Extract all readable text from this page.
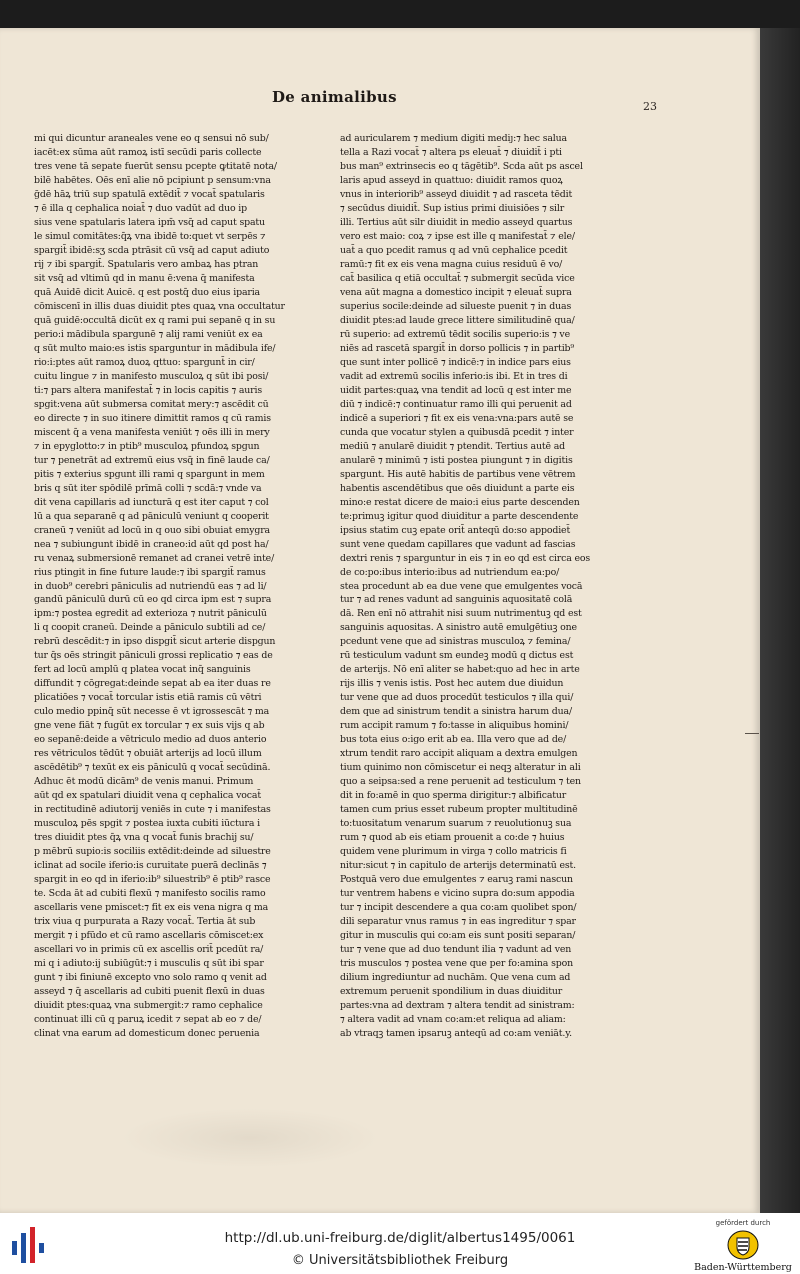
De animalibus
23
mi qui dicuntur araneales vene eo q sensui nō sub/
iacēt:ex sūma aūt ramoꝝ istī secūdi paris collecte
tres vene tā sepate fuerūt sensu pcepte ꝙtitatē nota/
bilē habētes. Oēs enī alie nō pcipiunt p sensum:vna
ḡdē hāꝝ triū sup spatulā extēdit̄ ⁊ vocat̄ spatularis
⁊ ē illa q cephalica noiat̄ ⁊ duo vadūt ad duo ip
sius vene spatularis latera ipm̄ vsq̄ ad caput spatu
le simul comitātes:q̄ꝝ vna ibidē to:quet vt serpēs ⁊
spargit̄ ibidē:sʒ scda ptrāsit cū vsq̄ ad caput adiuto
rij ⁊ ibi spargit̄. Spatularis vero ambaꝝ has ptran
sit vsq̄ ad vltimū qd in manu ē:vena q̄ manifesta
quā Auidē dicit Auicē. q est postq̄ duo eius iparia
cōmiscenī in illis duas diuidit ptes quaꝝ vna occultatur
quā guidē:occultā dicūt ex q rami pui sepanē q in su
perio:i mādibula spargunē ⁊ alij rami veniūt ex ea
q sūt multo maio:es istis sparguntur in mādibula ife/
rio:i:ptes aūt ramoꝝ duoꝝ qttuo: spargunt̄ in cir/
cuitu lingue ⁊ in manifesto musculoꝝ q sūt ibi posi/
ti:⁊ pars altera manifestat̄ ⁊ in locis capitis ⁊ auris
spgit:vena aūt submersa comitat mery:⁊ ascēdit cū
eo directe ⁊ in suo itinere dimittit ramos q cū ramis
miscent q̄ a vena manifesta veniūt ⁊ oēs illi in mery
⁊ in epyglotto:⁊ in ptib⁹ musculoꝝ pfundoꝝ spgun
tur ⁊ penetrāt ad extremū eius vsq̄ in finē laude ca/
pitis ⁊ exterius spgunt illi rami q spargunt in mem
bris q sūt iter spōdilē prīmā colli ⁊ scdā:⁊ vnde va
dit vena capillaris ad iuncturā q est iter caput ⁊ col
lū a qua separanē q ad pāniculū veniunt q cooperit
craneū ⁊ veniūt ad locū in q ouo sibi obuiat emygra
nea ⁊ subiungunt ibidē in craneo:id aūt qd post ha/
ru venaꝝ submersionē remanet ad cranei vetrē inte/
rius ptingit in fine future laude:⁊ ibi spargit̄ ramus
in duob⁹ cerebri pāniculis ad nutriendū eas ⁊ ad li/
gandū pāniculū durū cū eo qd circa ipm est ⁊ supra
ipm:⁊ postea egredit ad exterioza ⁊ nutrit pāniculū
li q coopit craneū. Deinde a pāniculo subtili ad ce/
rebrū descēdit:⁊ in ipso dispgit̄ sicut arterie dispgun
tur q̄s oēs stringit pāniculi grossi replicatio ⁊ eas de
fert ad locū amplū q platea vocat inq̄ sanguinis
diffundit ⁊ cōgregat:deinde sepat ab ea iter duas re
plicatiōes ⁊ vocat̄ torcular istis etiā ramis cū vētri
culo medio ppinq̄ sūt necesse ē vt igrossescāt ⁊ ma
gne vene fiāt ⁊ fugūt ex torcular ⁊ ex suis vijs q ab
eo sepanē:deide a vētriculo medio ad duos anterio
res vētriculos tēdūt ⁊ obuiāt arterijs ad locū illum
ascēdētib⁹ ⁊ texūt ex eis pāniculū q vocat̄ secūdinā.
Adhuc ēt modū dicām⁹ de venis manui. Primum
aūt qd ex spatulari diuidit vena q cephalica vocat̄
in rectitudinē adiutorij veniēs in cute ⁊ i manifestas
musculoꝝ pēs spgit ⁊ postea iuxta cubiti iūctura i
tres diuidit ptes q̄ꝝ vna q vocat̄ funis brachij su/
p mēbrū supio:is sociliis extēdit:deinde ad siluestre
iclinat ad socile iferio:is curuitate puerā declinās ⁊
spargit in eo qd in iferio:ib⁹ siluestrib⁹ ē ptib⁹ rasce
te. Scda āt ad cubiti flexū ⁊ manifesto socilis ramo
ascellaris vene pmiscet:⁊ fit ex eis vena nigra q ma
trix viua q purpurata a Razy vocat̄. Tertia āt sub
mergit ⁊ i pfūdo et cū ramo ascellaris cōmiscet:ex
ascellari vo in primis cū ex ascellis orit̄ pcedūt ra/
mi q i adiuto:ij subiūgūt:⁊ i musculis q sūt ibi spar
gunt ⁊ ibi finiunē excepto vno solo ramo q venit ad
asseyd ⁊ q̄ ascellaris ad cubiti puenit flexū in duas
diuidit ptes:quaꝝ vna submergit:⁊ ramo cephalice
continuat illi cū q paruꝝ icedit ⁊ sepat ab eo ⁊ de/
clinat vna earum ad domesticum donec peruenia
ad auricularem ⁊ medium digiti mediȷ:⁊ hec salua
tella a Razi vocat̄ ⁊ altera ps eleuat̄ ⁊ diuidit̄ i pti
bus man⁹ extrinsecis eo q tāgētib⁹. Scda aūt ps ascel
laris apud asseyd in quattuo: diuidit ramos quoꝝ
vnus in interiorib⁹ asseyd diuidit ⁊ ad rasceta tēdit
⁊ secūdus diuidit̄. Sup istius primi diuisiōes ⁊ silr
illi. Tertius aūt silr diuidit in medio asseyd quartus
vero est maio: coꝝ ⁊ ipse est ille q manifestat̄ ⁊ ele/
uat̄ a quo pcedit ramus q ad vnū cephalice pcedit
ramū:⁊ fit ex eis vena magna cuius residuū ē vo/
cat̄ basilica q etiā occultat̄ ⁊ submergit secūda vice
vena aūt magna a domestico incipit ⁊ eleuat̄ supra
superius socile:deinde ad silueste puenit ⁊ in duas
diuidit ptes:ad laude grece littere similitudinē qua/
rū superio: ad extremū tēdit socilis superio:is ⁊ ve
niēs ad rascetā spargit̄ in dorso pollicis ⁊ in partib⁹
que sunt inter pollicē ⁊ indicē:⁊ in indice pars eius
vadit ad extremū socilis inferio:is ibi. Et in tres di
uidit partes:quaꝝ vna tendit ad locū q est inter me
diū ⁊ indicē:⁊ continuatur ramo illi qui peruenit ad
indicē a superiori ⁊ fit ex eis vena:vna:pars autē se
cunda que vocatur stylen a quibusdā pcedit ⁊ inter
mediū ⁊ anularē diuidit ⁊ ptendit. Tertius autē ad
anularē ⁊ minimū ⁊ isti postea piungunt ⁊ in digitis
spargunt. His autē habitis de partibus vene vētrem
habentis ascendētibus que oēs diuidunt a parte eis
mino:e restat dicere de maio:i eius parte descenden
te:primuꝫ igitur quod diuiditur a parte descendente
ipsius statim cuꝫ epate orit̄ anteqū do:so appodiet̄
sunt vene quedam capillares que vadunt ad fascias
dextri renis ⁊ sparguntur in eis ⁊ in eo qd est circa eos
de co:po:ibus interio:ibus ad nutriendum ea:po/
stea procedunt ab ea due vene que emulgentes vocā
tur ⁊ ad renes vadunt ad sanguinis aquositatē colā
dā. Ren enī nō attrahit nisi suum nutrimentuꝫ qd est
sanguinis aquositas. A sinistro autē emulgētiuꝫ one
pcedunt vene que ad sinistras musculoꝝ ⁊ femina/
rū testiculum vadunt sm eundeꝫ modū q dictus est
de arterijs. Nō enī aliter se habet:quo ad hec in arte
rijs illis ⁊ venis istis. Post hec autem due diuidun
tur vene que ad duos procedūt testiculos ⁊ illa qui/
dem que ad sinistrum tendit a sinistra harum dua/
rum accipit ramum ⁊ fo:tasse in aliquibus homini/
bus tota eius o:igo erit ab ea. Illa vero que ad de/
xtrum tendit raro accipit aliquam a dextra emulgen
tium quinimo non cōmiscetur ei neqꝫ alteratur in ali
quo a seipsa:sed a rene peruenit ad testiculum ⁊ ten
dit in fo:amē in quo sperma dirigitur:⁊ albificatur
tamen cum prius esset rubeum propter multitudinē
to:tuositatum venarum suarum ⁊ reuolutionuꝫ sua
rum ⁊ quod ab eis etiam prouenit a co:de ⁊ huius
quidem vene plurimum in virga ⁊ collo matricis fi
nitur:sicut ⁊ in capitulo de arterijs determinatū est.
Postquā vero due emulgentes ⁊ earuꝫ rami nascun
tur ventrem habens e vicino supra do:sum appodia
tur ⁊ incipit descendere a qua co:am quolibet spon/
dili separatur vnus ramus ⁊ in eas ingreditur ⁊ spar
gitur in musculis qui co:am eis sunt positi separan/
tur ⁊ vene que ad duo tendunt ilia ⁊ vadunt ad ven
tris musculos ⁊ postea vene que per fo:amina spon
dilium ingrediuntur ad nuchām. Que vena cum ad
extremum peruenit spondilium in duas diuiditur
partes:vna ad dextram ⁊ altera tendit ad sinistram:
⁊ altera vadit ad vnam co:am:et reliqua ad aliam:
ab vtraqꝫ tamen ipsaruꝫ anteqū ad co:am veniāt.y.

http://dl.ub.uni-freiburg.de/diglit/albertus1495/0061

© Universitätsbibliothek Freiburg

gefördert durch
Baden-Württemberg
